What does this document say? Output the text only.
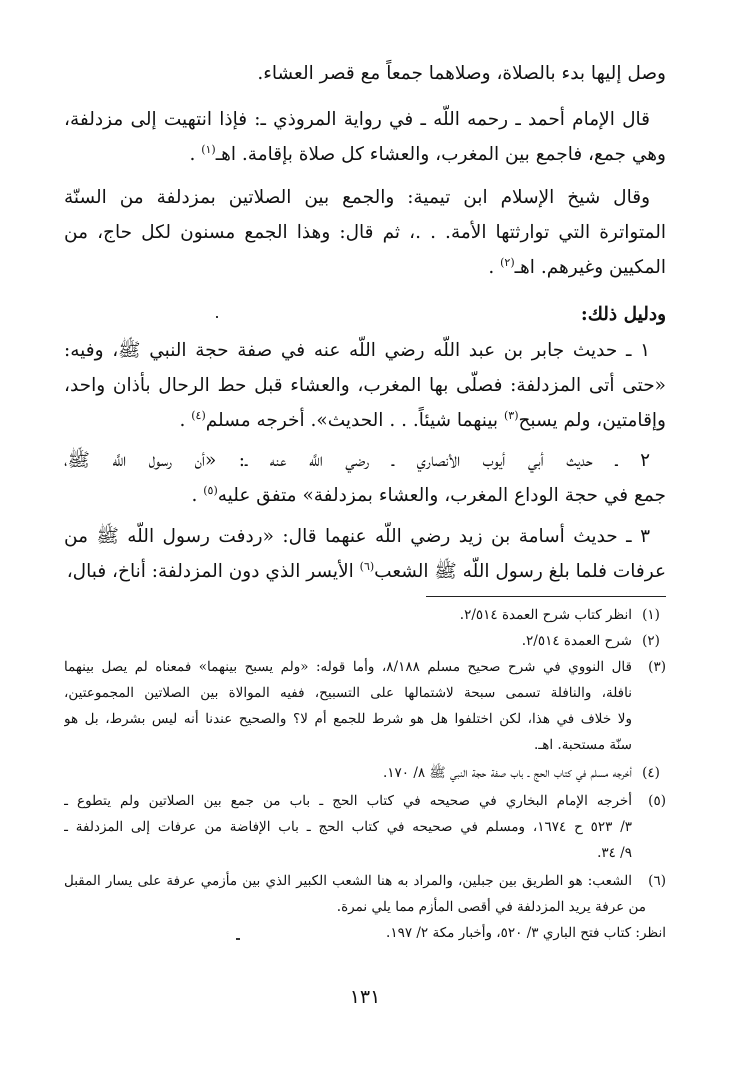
وصل إليها بدء بالصلاة، وصلاهما جمعاً مع قصر العشاء.
قال الإمام أحمد ـ رحمه اللَّه ـ في رواية المروذي ـ: فإذا انتهيت إلى مزدلفة،
وهي جمع، فاجمع بين المغرب، والعشاء كل صلاة بإقامة. اهـ$^{(١)}$ .
وقال شيخ الإسلام ابن تيمية: والجمع بين الصلاتين بمزدلفة من السنّة
المتواترة التي توارثتها الأمة. . .، ثم قال: وهذا الجمع مسنون لكل حاج، من
المكيين وغيرهم. اهـ$^{(٢)}$ .
ودليل ذلك:
١ ـ حديث جابر بن عبد اللَّه رضي اللَّه عنه في صفة حجة النبي ﷺ، وفيه:
«حتى أتى المزدلفة: فصلّى بها المغرب، والعشاء قبل حط الرحال بأذان واحد،
وإقامتين، ولم يسبح$^{(٣)}$ بينهما شيئاً. . . الحديث». أخرجه مسلم$^{(٤)}$ .
٢ ـ حديث أبي أيوب الأنصاري ـ رضي اللَّه عنه ـ: «أن رسول اللَّه ﷺ،
جمع في حجة الوداع المغرب، والعشاء بمزدلفة» متفق عليه$^{(٥)}$ .
٣ ـ حديث أسامة بن زيد رضي اللَّه عنهما قال: «ردفت رسول اللَّه ﷺ من
عرفات فلما بلغ رسول اللَّه ﷺ الشعب$^{(٦)}$ الأيسر الذي دون المزدلفة: أناخ، فبال،
(١)
انظر كتاب شرح العمدة ٢/٥١٤.
(٢)
شرح العمدة ٢/٥١٤.
(٣)
قال النووي في شرح صحيح مسلم ٨/١٨٨، وأما قوله: «ولم يسبح بينهما» فمعناه لم يصل بينهما
نافلة، والنافلة تسمى سبحة لاشتمالها على التسبيح، ففيه الموالاة بين الصلاتين المجموعتين،
ولا خلاف في هذا، لكن اختلفوا هل هو شرط للجمع أم لا؟ والصحيح عندنا أنه ليس بشرط، بل هو
سنّة مستحبة. اهـ.
(٤)
أخرجه مسلم في كتاب الحج ـ باب صفة حجة النبي ﷺ ٨/ ١٧٠.
(٥)
أخرجه الإمام البخاري في صحيحه في كتاب الحج ـ باب من جمع بين الصلاتين ولم يتطوع ـ
٣/ ٥٢٣ ح ١٦٧٤، ومسلم في صحيحه في كتاب الحج ـ باب الإفاضة من عرفات إلى المزدلفة ـ
٩/ ٣٤.
(٦)
الشعب: هو الطريق بين جبلين، والمراد به هنا الشعب الكبير الذي بين مأزمي عرفة على يسار المقبل
من عرفة يريد المزدلفة في أقصى المأزم مما يلي نمرة.
انظر: كتاب فتح الباري ٣/ ٥٢٠، وأخبار مكة ٢/ ١٩٧.
١٣١
